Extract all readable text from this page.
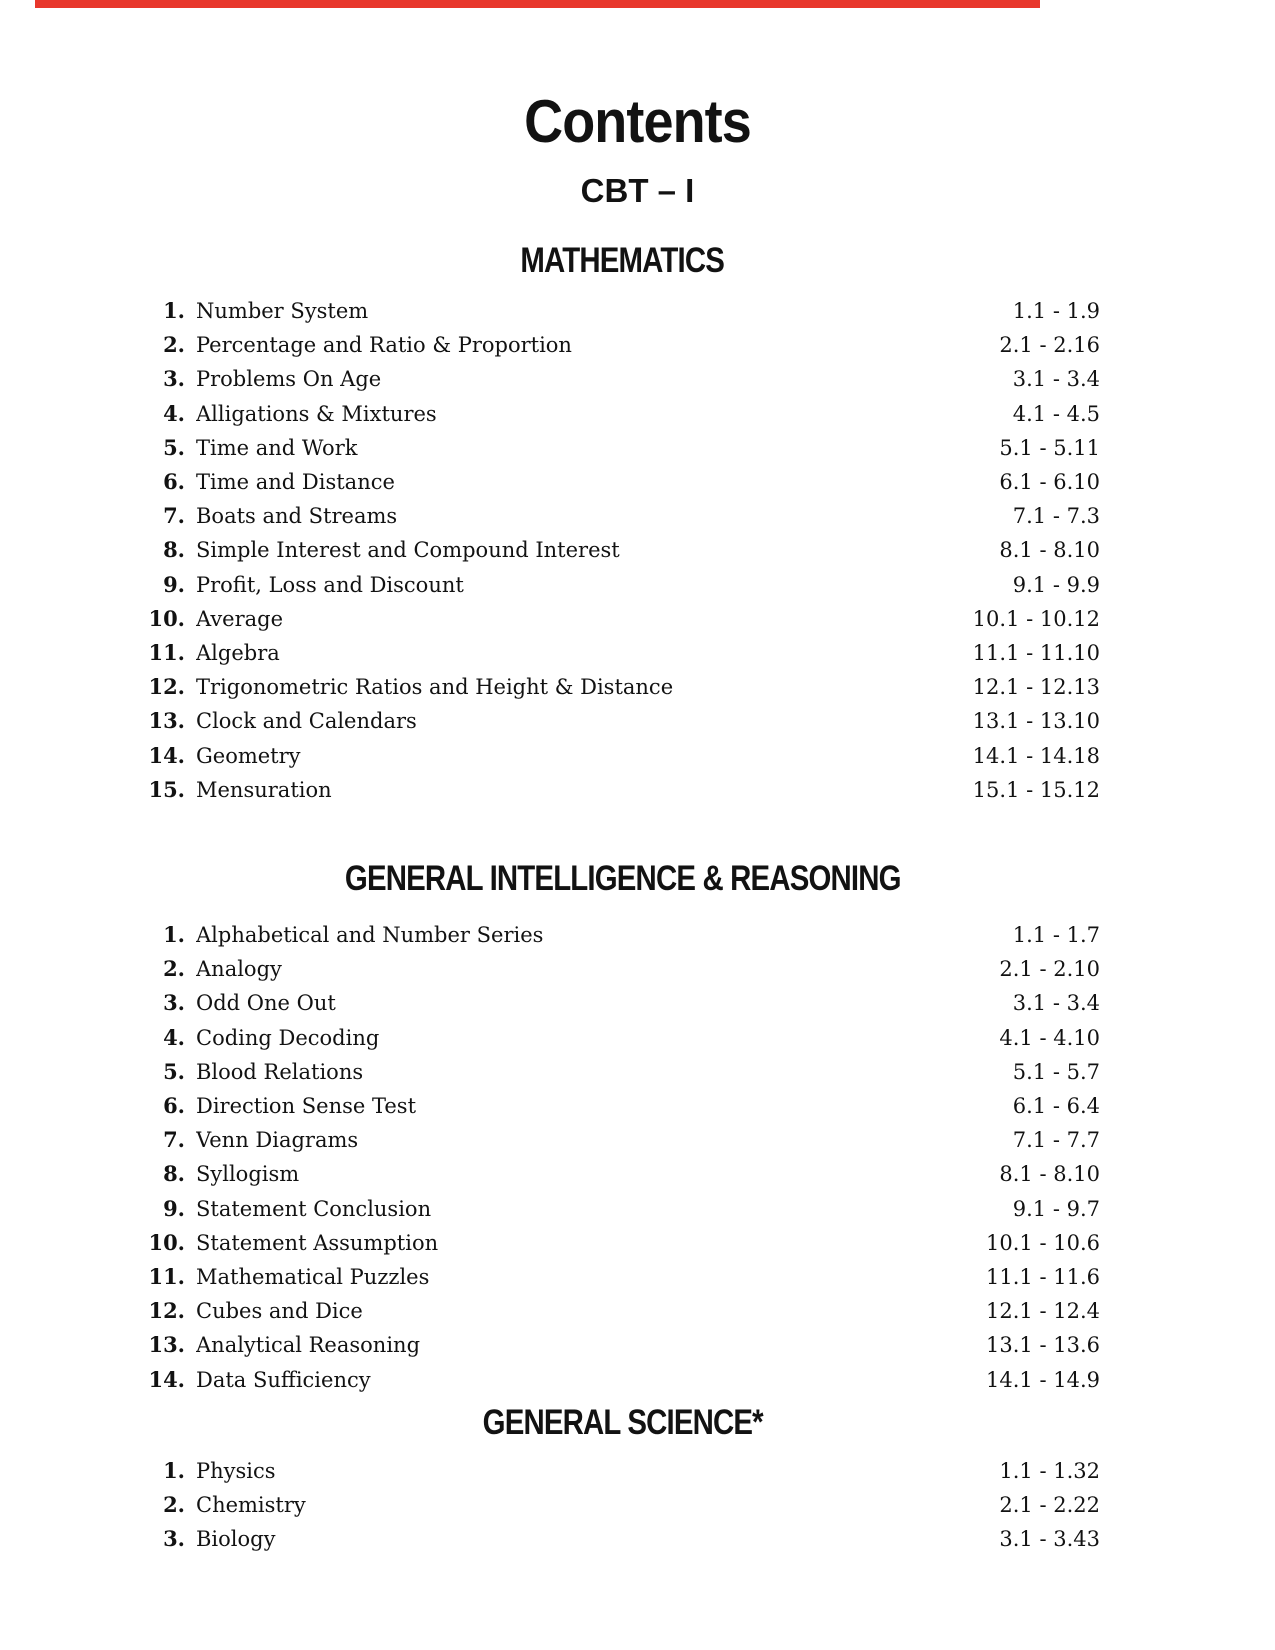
Contents
CBT – I
MATHEMATICS
1. Number System	1.1 - 1.9
2. Percentage and Ratio & Proportion	2.1 - 2.16
3. Problems On Age	3.1 - 3.4
4. Alligations & Mixtures	4.1 - 4.5
5. Time and Work	5.1 - 5.11
6. Time and Distance	6.1 - 6.10
7. Boats and Streams	7.1 - 7.3
8. Simple Interest and Compound Interest	8.1 - 8.10
9. Profit, Loss and Discount	9.1 - 9.9
10. Average	10.1 - 10.12
11. Algebra	11.1 - 11.10
12. Trigonometric Ratios and Height & Distance	12.1 - 12.13
13. Clock and Calendars	13.1 - 13.10
14. Geometry	14.1 - 14.18
15. Mensuration	15.1 - 15.12
GENERAL INTELLIGENCE & REASONING
1. Alphabetical and Number Series	1.1 - 1.7
2. Analogy	2.1 - 2.10
3. Odd One Out	3.1 - 3.4
4. Coding Decoding	4.1 - 4.10
5. Blood Relations	5.1 - 5.7
6. Direction Sense Test	6.1 - 6.4
7. Venn Diagrams	7.1 - 7.7
8. Syllogism	8.1 - 8.10
9. Statement Conclusion	9.1 - 9.7
10. Statement Assumption	10.1 - 10.6
11. Mathematical Puzzles	11.1 - 11.6
12. Cubes and Dice	12.1 - 12.4
13. Analytical Reasoning	13.1 - 13.6
14. Data Sufficiency	14.1 - 14.9
GENERAL SCIENCE*
1. Physics	1.1 - 1.32
2. Chemistry	2.1 - 2.22
3. Biology	3.1 - 3.43
